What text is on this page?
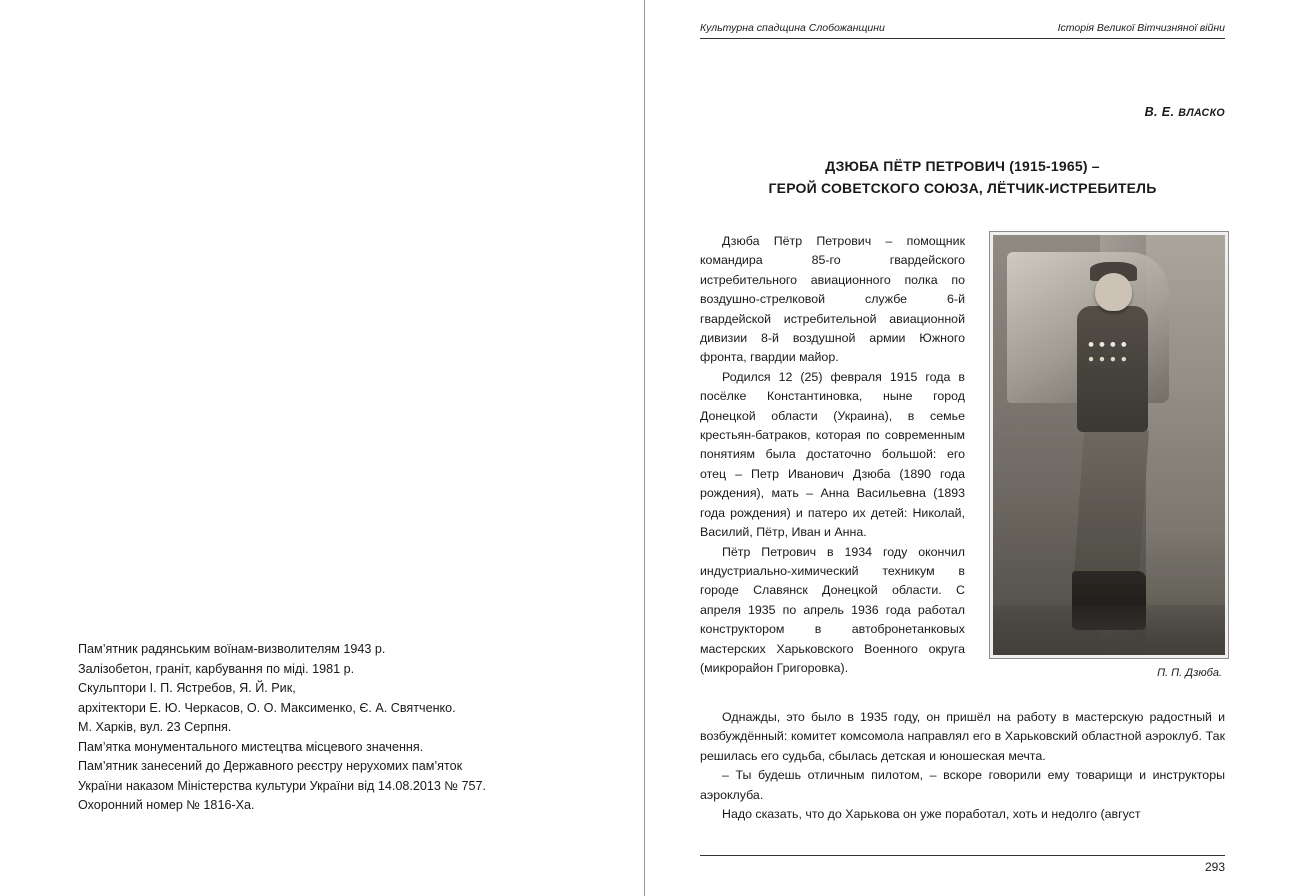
Культурна спадщина Слобожанщини	Історія Великої Вітчизняної війни
В. Е. ВЛАСКО
ДЗЮБА ПЁТР ПЕТРОВИЧ (1915-1965) –
ГЕРОЙ СОВЕТСКОГО СОЮЗА, ЛЁТЧИК-ИСТРЕБИТЕЛЬ

Дзюба Пётр Петрович – помощник командира 85-го гвардейского истребительного авиационного полка по воздушно-стрелковой службе 6-й гвардейской истребительной авиационной дивизии 8-й воздушной армии Южного фронта, гвардии майор.

Родился 12 (25) февраля 1915 года в посёлке Константиновка, ныне город Донецкой области (Украина), в семье крестьян-батраков, которая по современным понятиям была достаточно большой: его отец – Петр Иванович Дзюба (1890 года рождения), мать – Анна Васильевна (1893 года рождения) и патеро их детей: Николай, Василий, Пётр, Иван и Анна.

Пётр Петрович в 1934 году окончил индустриально-химический техникум в городе Славянск Донецкой области. С апреля 1935 по апрель 1936 года работал конструктором в автобронетанковых мастерских Харьковского Военного округа (микрорайон Григоровка).	П. П. Дзюба.

Однажды, это было в 1935 году, он пришёл на работу в мастерскую радостный и возбуждённый: комитет комсомола направлял его в Харьковский областной аэроклуб. Так решилась его судьба, сбылась детская и юношеская мечта.

– Ты будешь отличным пилотом, – вскоре говорили ему товарищи и инструкторы аэроклуба.

Надо сказать, что до Харькова он уже поработал, хоть и недолго (август

Пам’ятник радянським воїнам-визволителям 1943 р.
Залізобетон, граніт, карбування по міді. 1981 р.
Скульптори І. П. Ястребов, Я. Й. Рик,
архітектори Е. Ю. Черкасов, О. О. Максименко, Є. А. Святченко.
М. Харків, вул. 23 Серпня.
Пам’ятка монументального мистецтва місцевого значення.
Пам’ятник занесений до Державного реєстру нерухомих пам’яток
України наказом Міністерства культури України від 14.08.2013 № 757.
Охоронний номер № 1816-Ха.
293
